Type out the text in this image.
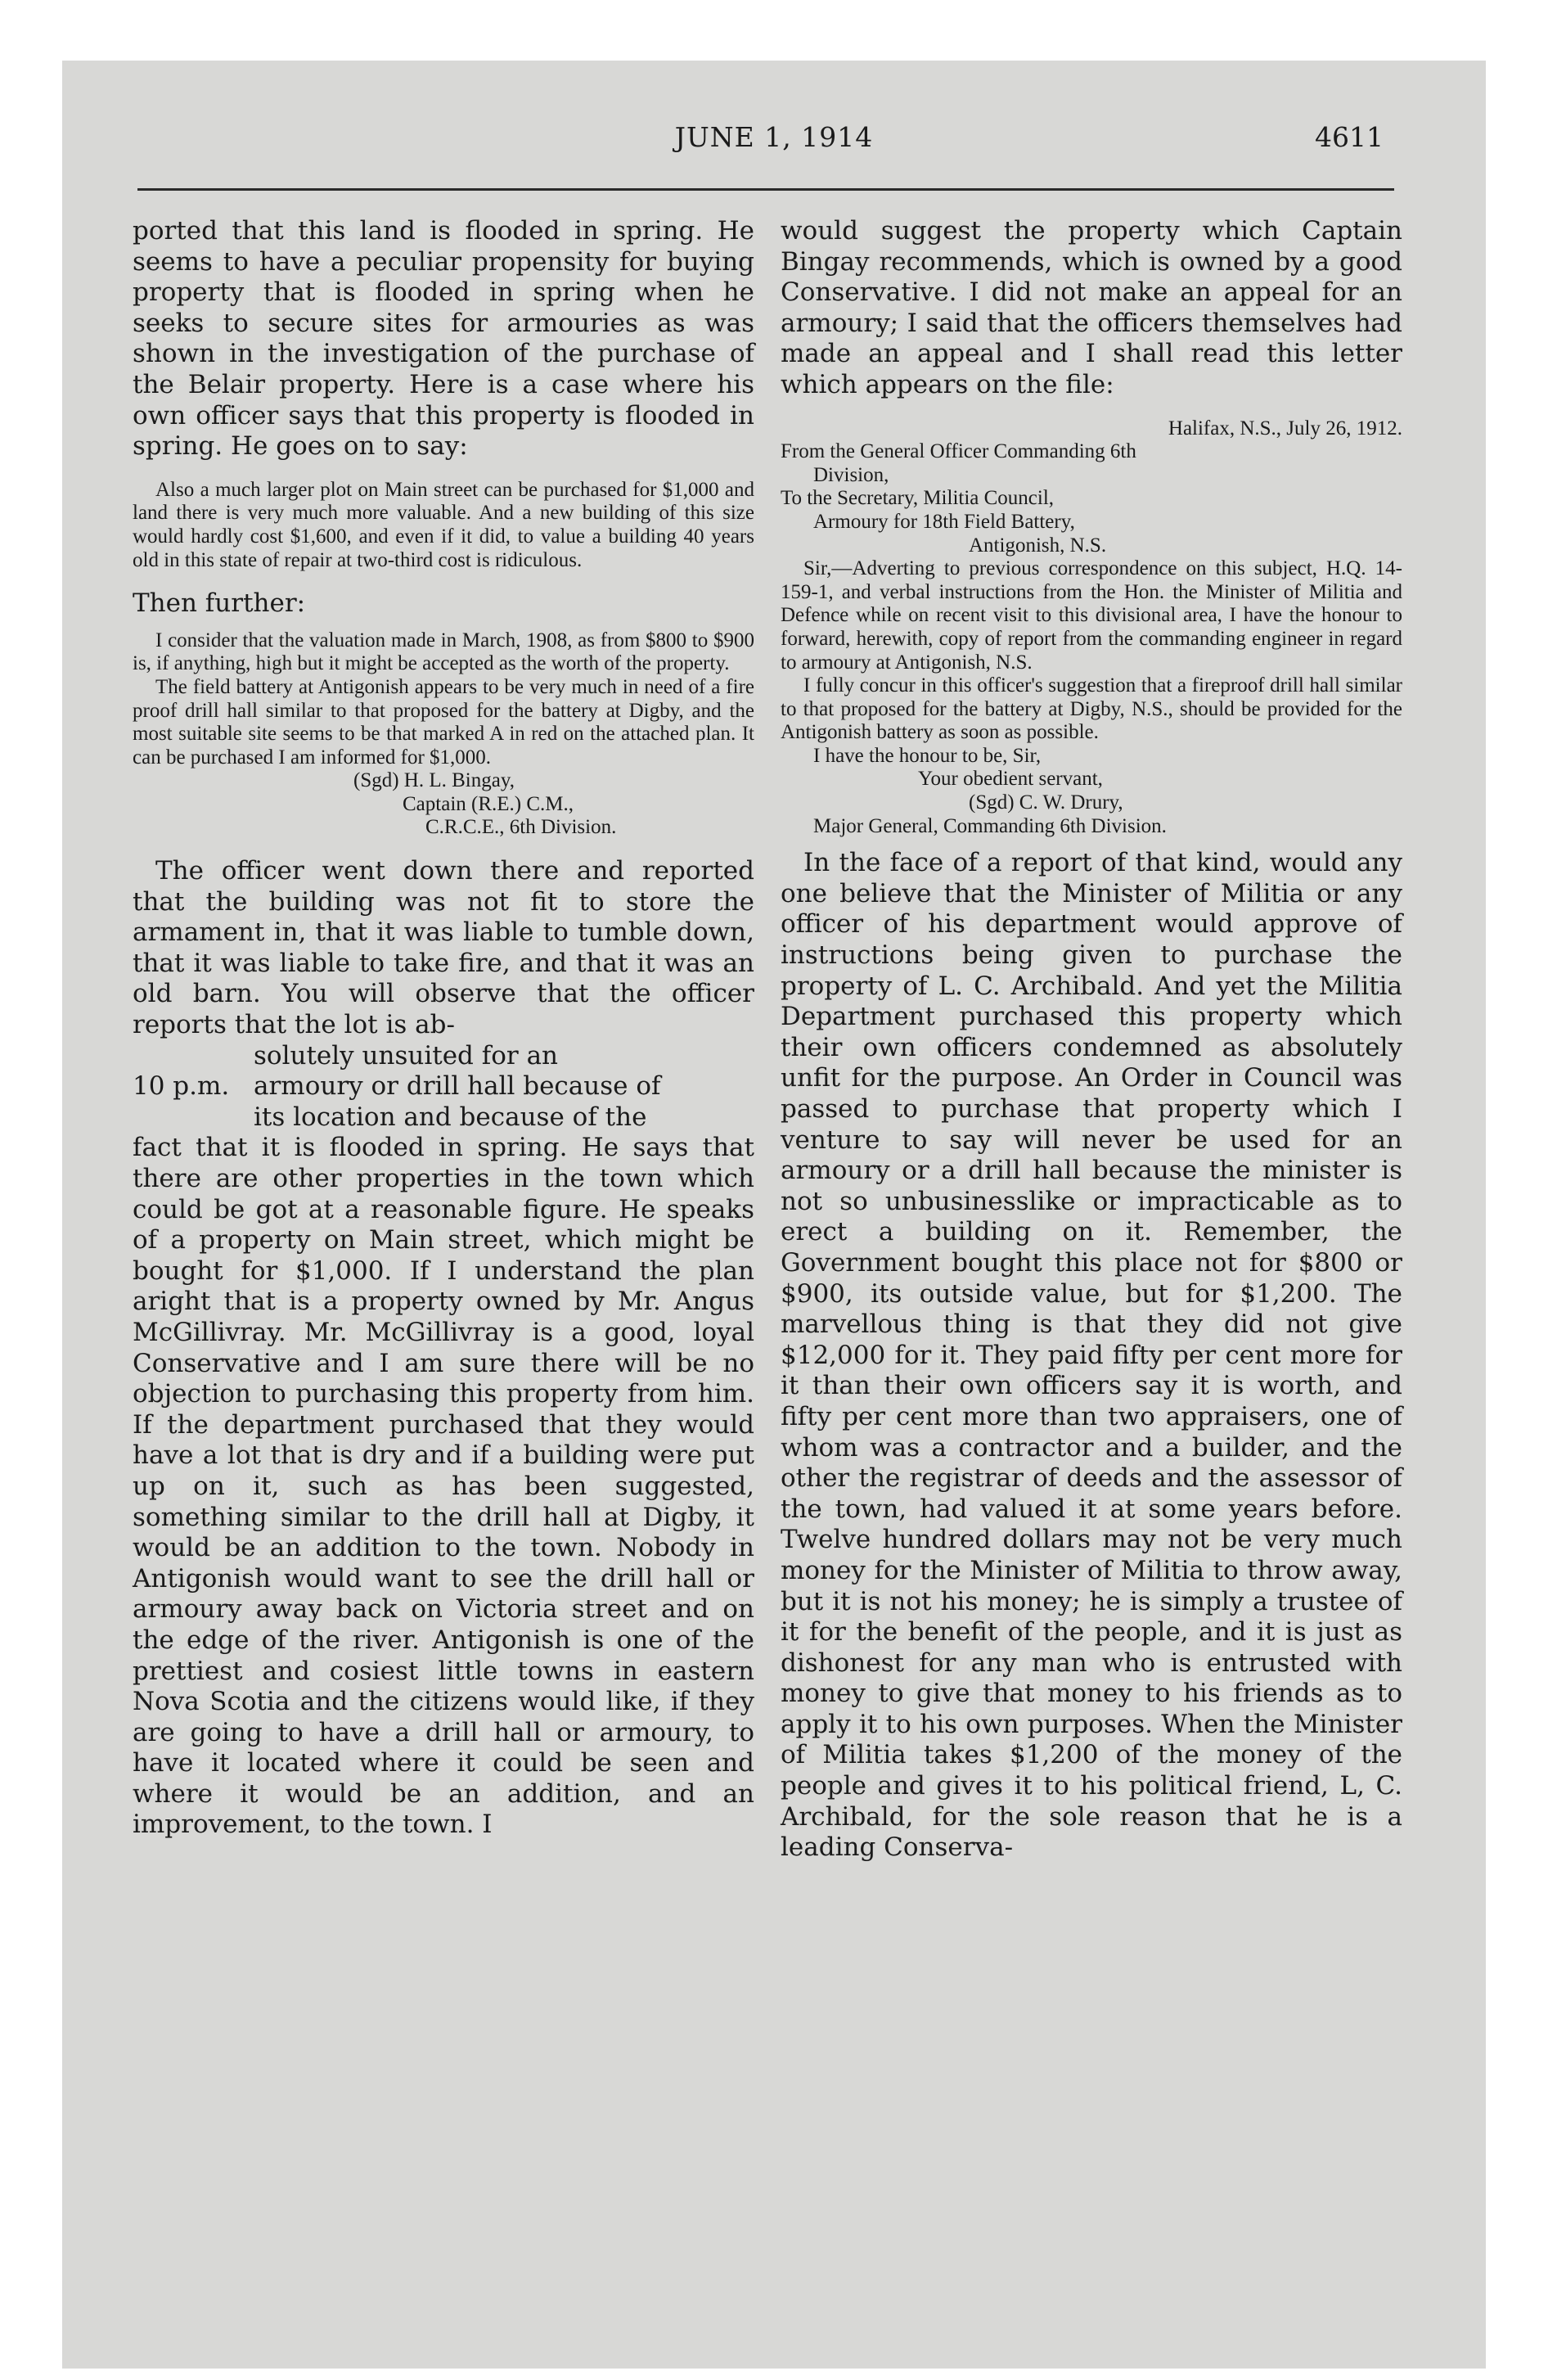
JUNE 1, 1914	4611

ported that this land is flooded in spring. He seems to have a peculiar propensity for buying property that is flooded in spring when he seeks to secure sites for armouries as was shown in the investigation of the purchase of the Belair property. Here is a case where his own officer says that this property is flooded in spring. He goes on to say:

Also a much larger plot on Main street can be purchased for $1,000 and land there is very much more valuable. And a new building of this size would hardly cost $1,600, and even if it did, to value a building 40 years old in this state of repair at two-third cost is ridiculous.

Then further:

I consider that the valuation made in March, 1908, as from $800 to $900 is, if anything, high but it might be accepted as the worth of the property.

The field battery at Antigonish appears to be very much in need of a fire proof drill hall similar to that proposed for the battery at Digby, and the most suitable site seems to be that marked A in red on the attached plan. It can be purchased I am informed for $1,000.

(Sgd) H. L. Bingay,

Captain (R.E.) C.M.,

C.R.C.E., 6th Division.

The officer went down there and reported that the building was not fit to store the armament in, that it was liable to tumble down, that it was liable to take fire, and that it was an old barn. You will observe that the officer reports that the lot is ab-

solutely unsuited for an
10 p.m. armoury or drill hall because of
its location and because of the

fact that it is flooded in spring. He says that there are other properties in the town which could be got at a reasonable figure. He speaks of a property on Main street, which might be bought for $1,000. If I understand the plan aright that is a property owned by Mr. Angus McGillivray. Mr. McGillivray is a good, loyal Conservative and I am sure there will be no objection to purchasing this property from him. If the department purchased that they would have a lot that is dry and if a building were put up on it, such as has been suggested, something similar to the drill hall at Digby, it would be an addition to the town. Nobody in Antigonish would want to see the drill hall or armoury away back on Victoria street and on the edge of the river. Antigonish is one of the prettiest and cosiest little towns in eastern Nova Scotia and the citizens would like, if they are going to have a drill hall or armoury, to have it located where it could be seen and where it would be an addition, and an improvement, to the town. I

would suggest the property which Captain Bingay recommends, which is owned by a good Conservative. I did not make an appeal for an armoury; I said that the officers themselves had made an appeal and I shall read this letter which appears on the file:

Halifax, N.S., July 26, 1912.

From the General Officer Commanding 6th

Division,

To the Secretary, Militia Council,

Armoury for 18th Field Battery,

Antigonish, N.S.

Sir,—Adverting to previous correspondence on this subject, H.Q. 14-159-1, and verbal instructions from the Hon. the Minister of Militia and Defence while on recent visit to this divisional area, I have the honour to forward, herewith, copy of report from the commanding engineer in regard to armoury at Antigonish, N.S.

I fully concur in this officer's suggestion that a fireproof drill hall similar to that proposed for the battery at Digby, N.S., should be provided for the Antigonish battery as soon as possible.

I have the honour to be, Sir,

Your obedient servant,

(Sgd) C. W. Drury,

Major General, Commanding 6th Division.

In the face of a report of that kind, would any one believe that the Minister of Militia or any officer of his department would approve of instructions being given to purchase the property of L. C. Archibald. And yet the Militia Department purchased this property which their own officers condemned as absolutely unfit for the purpose. An Order in Council was passed to purchase that property which I venture to say will never be used for an armoury or a drill hall because the minister is not so unbusinesslike or impracticable as to erect a building on it. Remember, the Government bought this place not for $800 or $900, its outside value, but for $1,200. The marvellous thing is that they did not give $12,000 for it. They paid fifty per cent more for it than their own officers say it is worth, and fifty per cent more than two appraisers, one of whom was a contractor and a builder, and the other the registrar of deeds and the assessor of the town, had valued it at some years before. Twelve hundred dollars may not be very much money for the Minister of Militia to throw away, but it is not his money; he is simply a trustee of it for the benefit of the people, and it is just as dishonest for any man who is entrusted with money to give that money to his friends as to apply it to his own purposes. When the Minister of Militia takes $1,200 of the money of the people and gives it to his political friend, L, C. Archibald, for the sole reason that he is a leading Conserva-
